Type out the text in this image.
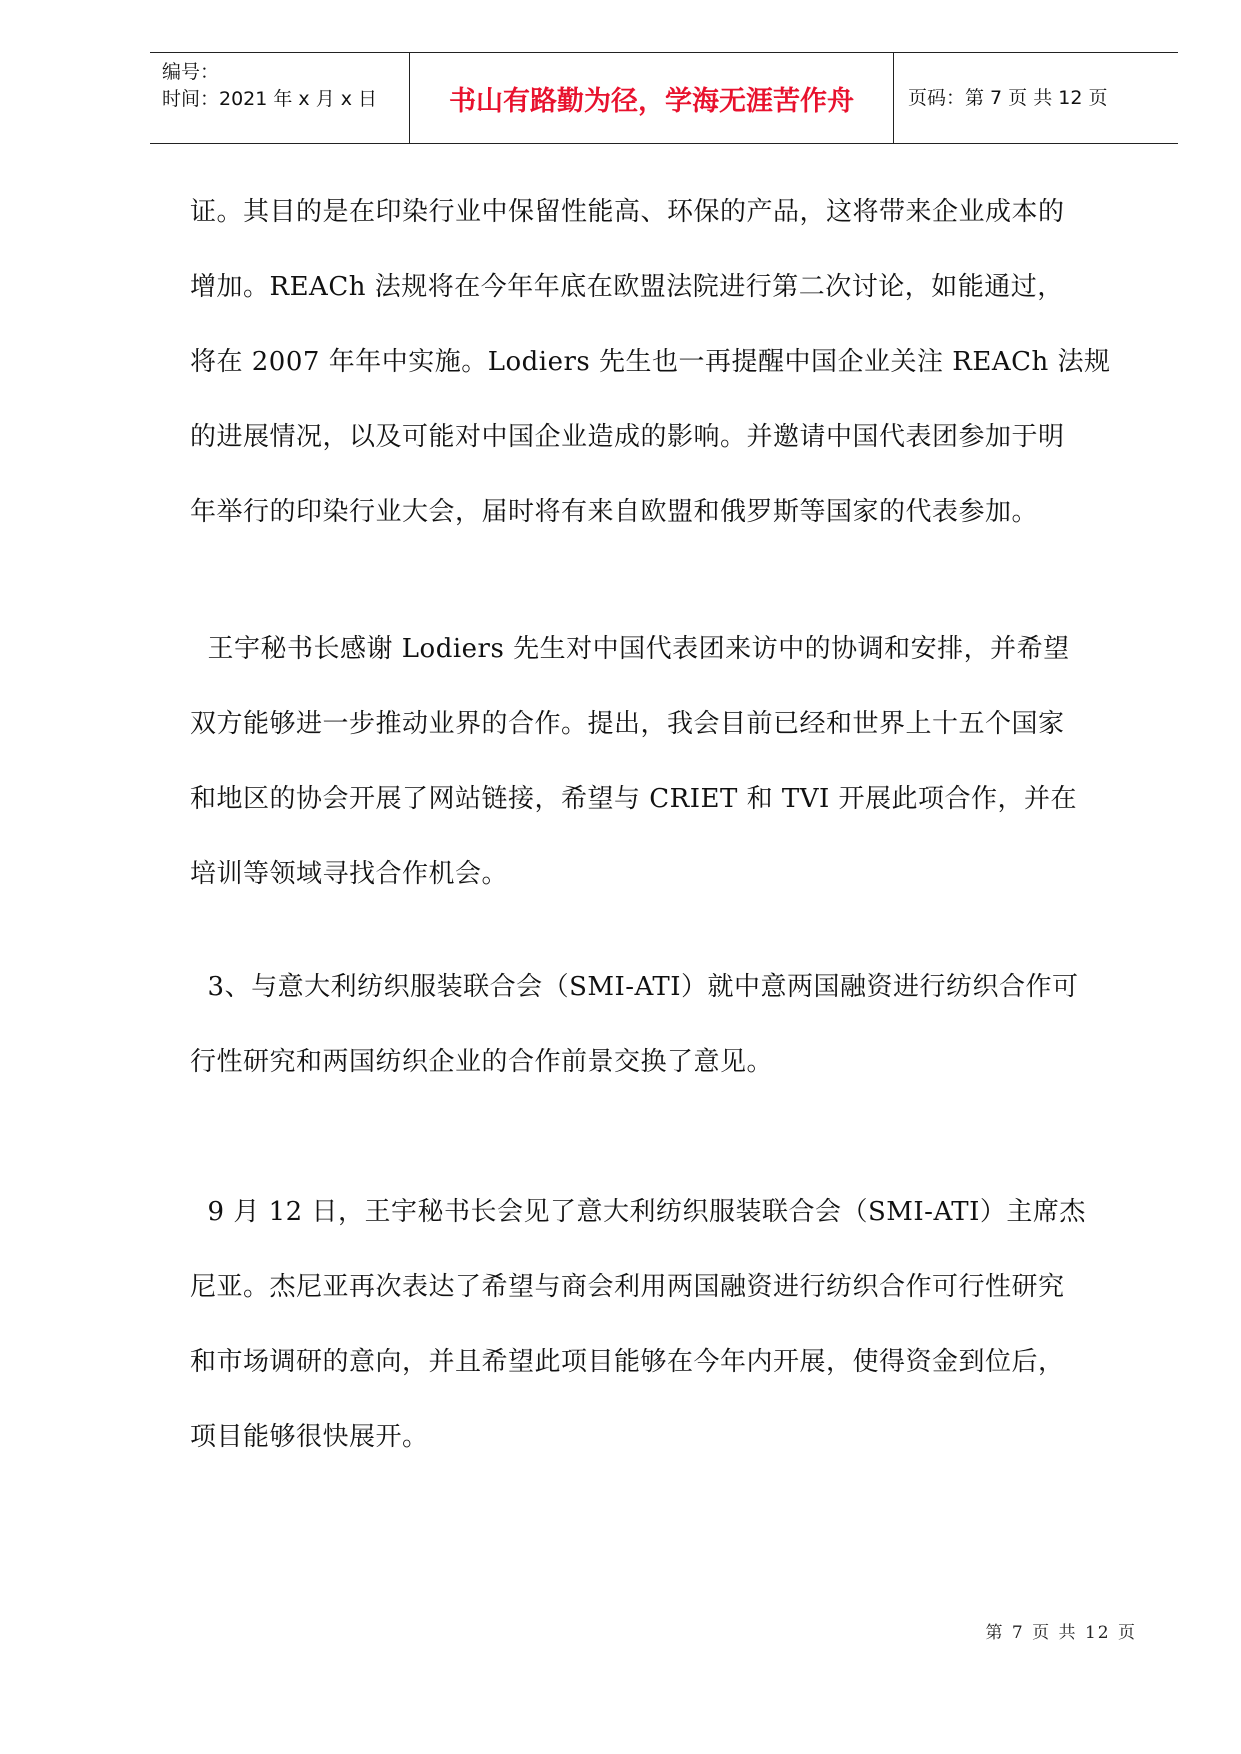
编号：
时间：2021 年 x 月 x 日	书山有路勤为径，学海无涯苦作舟	页码：第 7 页 共 12 页

证。其目的是在印染行业中保留性能高、环保的产品，这将带来企业成本的

增加。REACh 法规将在今年年底在欧盟法院进行第二次讨论，如能通过，

将在 2007 年年中实施。Lodiers 先生也一再提醒中国企业关注 REACh 法规

的进展情况，以及可能对中国企业造成的影响。并邀请中国代表团参加于明

年举行的印染行业大会，届时将有来自欧盟和俄罗斯等国家的代表参加。

王宇秘书长感谢 Lodiers 先生对中国代表团来访中的协调和安排，并希望

双方能够进一步推动业界的合作。提出，我会目前已经和世界上十五个国家

和地区的协会开展了网站链接，希望与 CRIET 和 TVI 开展此项合作，并在

培训等领域寻找合作机会。

3、与意大利纺织服装联合会（SMI-ATI）就中意两国融资进行纺织合作可

行性研究和两国纺织企业的合作前景交换了意见。

9 月 12 日，王宇秘书长会见了意大利纺织服装联合会（SMI-ATI）主席杰

尼亚。杰尼亚再次表达了希望与商会利用两国融资进行纺织合作可行性研究

和市场调研的意向，并且希望此项目能够在今年内开展，使得资金到位后，

项目能够很快展开。

第 7 页 共 12 页
